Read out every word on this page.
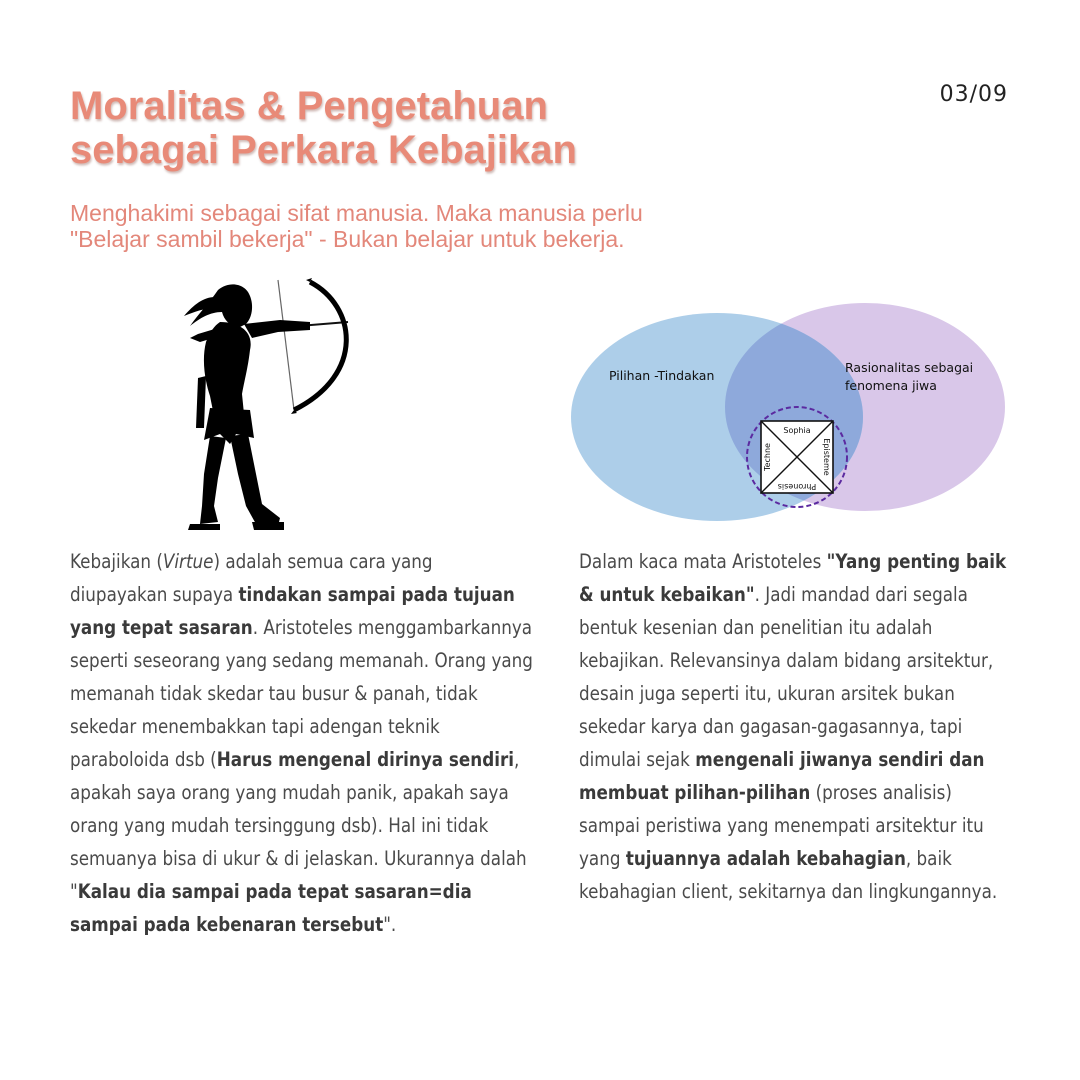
Moralitas & Pengetahuan
sebagai Perkara Kebajikan
03/09

Menghakimi sebagai sifat manusia. Maka manusia perlu
"Belajar sambil bekerja" - Bukan belajar untuk bekerja.

Pilihan -Tindakan
Rasionalitas sebagai
fenomena jiwa
Sophia
Techne	Episteme
Phronesis
Kebajikan (Virtue) adalah semua cara yang diupayakan supaya tindakan sampai pada tujuan yang tepat sasaran. Aristoteles menggambarkannya seperti seseorang yang sedang memanah. Orang yang memanah tidak skedar tau busur & panah, tidak sekedar menembakkan tapi adengan teknik paraboloida dsb (Harus mengenal dirinya sendiri, apakah saya orang yang mudah panik, apakah saya orang yang mudah tersinggung dsb). Hal ini tidak semuanya bisa di ukur & di jelaskan. Ukurannya dalah "Kalau dia sampai pada tepat sasaran=dia sampai pada kebenaran tersebut".
Dalam kaca mata Aristoteles "Yang penting baik & untuk kebaikan". Jadi mandad dari segala bentuk kesenian dan penelitian itu adalah kebajikan. Relevansinya dalam bidang arsitektur, desain juga seperti itu, ukuran arsitek bukan sekedar karya dan gagasan-gagasannya, tapi dimulai sejak mengenali jiwanya sendiri dan membuat pilihan-pilihan (proses analisis) sampai peristiwa yang menempati arsitektur itu yang tujuannya adalah kebahagian, baik kebahagian client, sekitarnya dan lingkungannya.
